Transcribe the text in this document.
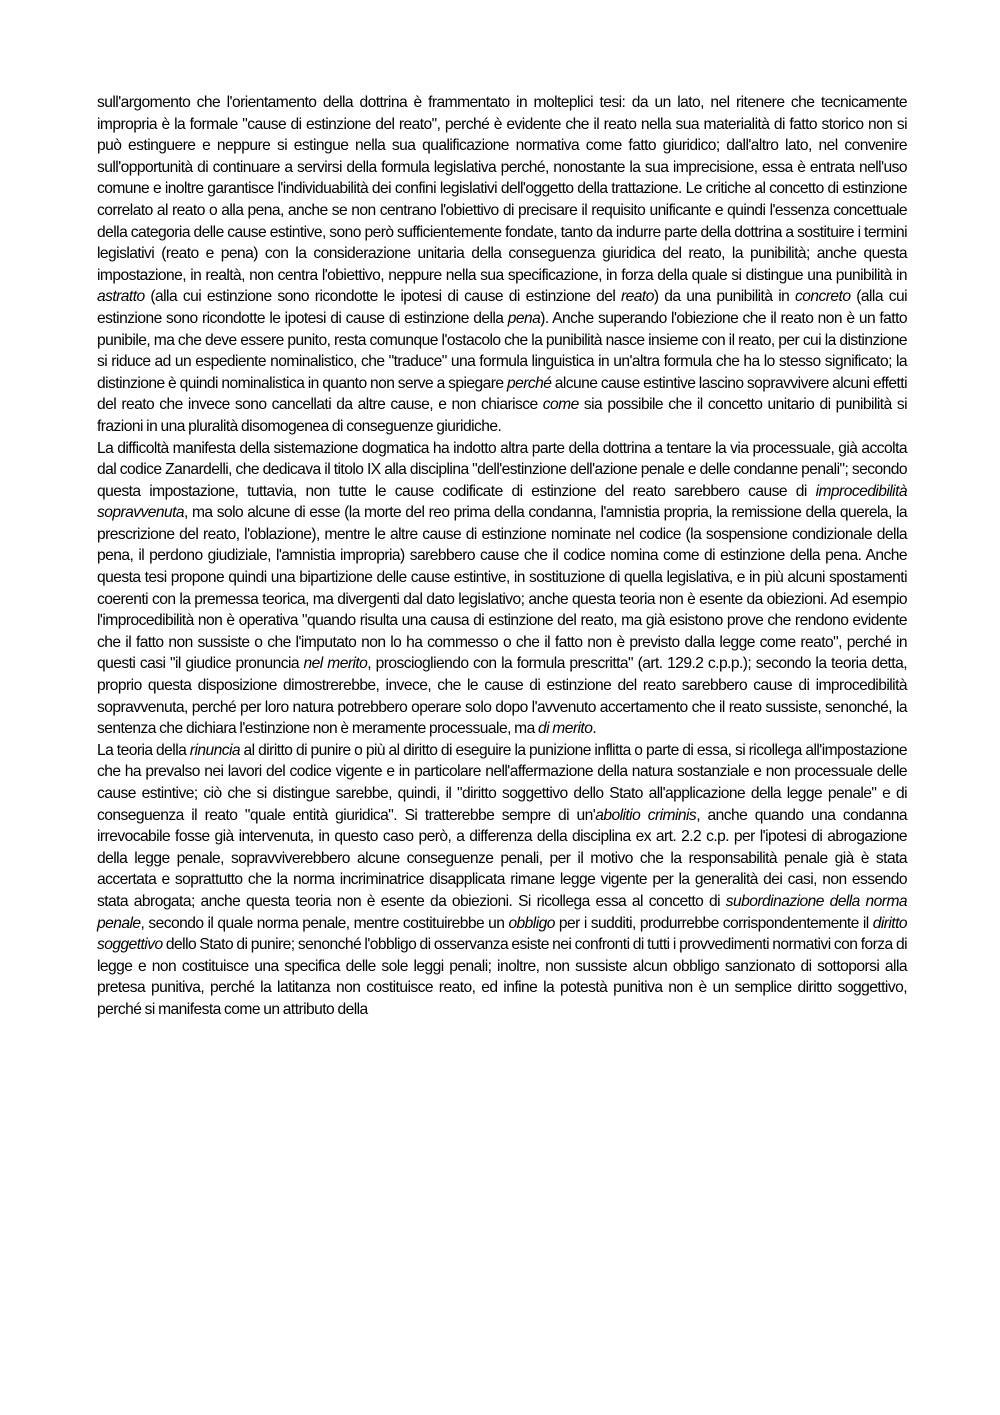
sull'argomento che l'orientamento della dottrina è frammentato in molteplici tesi: da un lato, nel ritenere che tecnicamente impropria è la formale "cause di estinzione del reato", perché è evidente che il reato nella sua materialità di fatto storico non si può estinguere e neppure si estingue nella sua qualificazione normativa come fatto giuridico; dall'altro lato, nel convenire sull'opportunità di continuare a servirsi della formula legislativa perché, nonostante la sua imprecisione, essa è entrata nell'uso comune e inoltre garantisce l'individuabilità dei confini legislativi dell'oggetto della trattazione. Le critiche al concetto di estinzione correlato al reato o alla pena, anche se non centrano l'obiettivo di precisare il requisito unificante e quindi l'essenza concettuale della categoria delle cause estintive, sono però sufficientemente fondate, tanto da indurre parte della dottrina a sostituire i termini legislativi (reato e pena) con la considerazione unitaria della conseguenza giuridica del reato, la punibilità; anche questa impostazione, in realtà, non centra l'obiettivo, neppure nella sua specificazione, in forza della quale si distingue una punibilità in astratto (alla cui estinzione sono ricondotte le ipotesi di cause di estinzione del reato) da una punibilità in concreto (alla cui estinzione sono ricondotte le ipotesi di cause di estinzione della pena). Anche superando l'obiezione che il reato non è un fatto punibile, ma che deve essere punito, resta comunque l'ostacolo che la punibilità nasce insieme con il reato, per cui la distinzione si riduce ad un espediente nominalistico, che "traduce" una formula linguistica in un'altra formula che ha lo stesso significato; la distinzione è quindi nominalistica in quanto non serve a spiegare perché alcune cause estintive lascino sopravvivere alcuni effetti del reato che invece sono cancellati da altre cause, e non chiarisce come sia possibile che il concetto unitario di punibilità si frazioni in una pluralità disomogenea di conseguenze giuridiche.

La difficoltà manifesta della sistemazione dogmatica ha indotto altra parte della dottrina a tentare la via processuale, già accolta dal codice Zanardelli, che dedicava il titolo IX alla disciplina "dell'estinzione dell'azione penale e delle condanne penali"; secondo questa impostazione, tuttavia, non tutte le cause codificate di estinzione del reato sarebbero cause di improcedibilità sopravvenuta, ma solo alcune di esse (la morte del reo prima della condanna, l'amnistia propria, la remissione della querela, la prescrizione del reato, l'oblazione), mentre le altre cause di estinzione nominate nel codice (la sospensione condizionale della pena, il perdono giudiziale, l'amnistia impropria) sarebbero cause che il codice nomina come di estinzione della pena. Anche questa tesi propone quindi una bipartizione delle cause estintive, in sostituzione di quella legislativa, e in più alcuni spostamenti coerenti con la premessa teorica, ma divergenti dal dato legislativo; anche questa teoria non è esente da obiezioni. Ad esempio l'improcedibilità non è operativa "quando risulta una causa di estinzione del reato, ma già esistono prove che rendono evidente che il fatto non sussiste o che l'imputato non lo ha commesso o che il fatto non è previsto dalla legge come reato", perché in questi casi "il giudice pronuncia nel merito, prosciogliendo con la formula prescritta" (art. 129.2 c.p.p.); secondo la teoria detta, proprio questa disposizione dimostrerebbe, invece, che le cause di estinzione del reato sarebbero cause di improcedibilità sopravvenuta, perché per loro natura potrebbero operare solo dopo l'avvenuto accertamento che il reato sussiste, senonché, la sentenza che dichiara l'estinzione non è meramente processuale, ma di merito.

La teoria della rinuncia al diritto di punire o più al diritto di eseguire la punizione inflitta o parte di essa, si ricollega all'impostazione che ha prevalso nei lavori del codice vigente e in particolare nell'affermazione della natura sostanziale e non processuale delle cause estintive; ciò che si distingue sarebbe, quindi, il "diritto soggettivo dello Stato all'applicazione della legge penale" e di conseguenza il reato "quale entità giuridica". Si tratterebbe sempre di un'abolitio criminis, anche quando una condanna irrevocabile fosse già intervenuta, in questo caso però, a differenza della disciplina ex art. 2.2 c.p. per l'ipotesi di abrogazione della legge penale, sopravviverebbero alcune conseguenze penali, per il motivo che la responsabilità penale già è stata accertata e soprattutto che la norma incriminatrice disapplicata rimane legge vigente per la generalità dei casi, non essendo stata abrogata; anche questa teoria non è esente da obiezioni. Si ricollega essa al concetto di subordinazione della norma penale, secondo il quale norma penale, mentre costituirebbe un obbligo per i sudditi, produrrebbe corrispondentemente il diritto soggettivo dello Stato di punire; senonché l'obbligo di osservanza esiste nei confronti di tutti i provvedimenti normativi con forza di legge e non costituisce una specifica delle sole leggi penali; inoltre, non sussiste alcun obbligo sanzionato di sottoporsi alla pretesa punitiva, perché la latitanza non costituisce reato, ed infine la potestà punitiva non è un semplice diritto soggettivo, perché si manifesta come un attributo della
